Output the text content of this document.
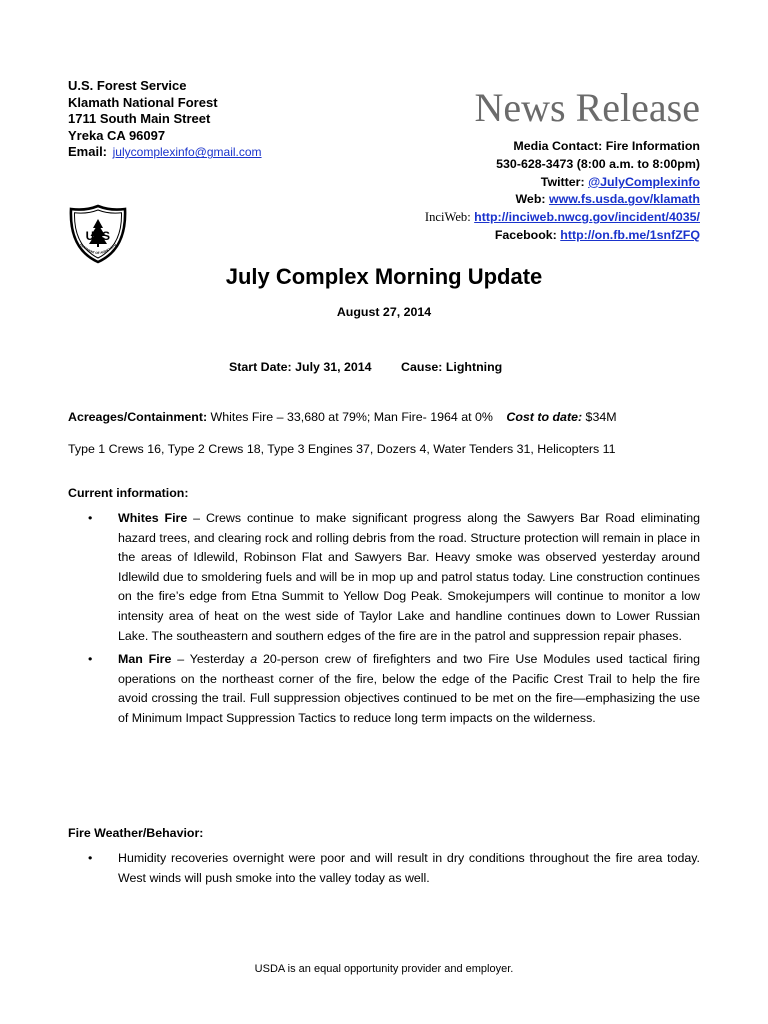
U.S. Forest Service
Klamath National Forest
1711 South Main Street
Yreka CA 96097
Email: julycomplexinfo@gmail.com
U S
PARTMENT OF AGRICULTU
News Release
Media Contact: Fire Information
530-628-3473 (8:00 a.m. to 8:00pm)
Twitter: @JulyComplexinfo
Web: www.fs.usda.gov/klamath
InciWeb: http://inciweb.nwcg.gov/incident/4035/
Facebook: http://on.fb.me/1snfZFQ
July Complex Morning Update
August 27, 2014
Start Date: July 31, 2014 Cause: Lightning
Acreages/Containment: Whites Fire – 33,680 at 79%; Man Fire- 1964 at 0% Cost to date: $34M
Type 1 Crews 16, Type 2 Crews 18, Type 3 Engines 37, Dozers 4, Water Tenders 31, Helicopters 11
Current information:
• Whites Fire – Crews continue to make significant progress along the Sawyers Bar Road eliminating hazard trees, and clearing rock and rolling debris from the road. Structure protection will remain in place in the areas of Idlewild, Robinson Flat and Sawyers Bar. Heavy smoke was observed yesterday around Idlewild due to smoldering fuels and will be in mop up and patrol status today. Line construction continues on the fire’s edge from Etna Summit to Yellow Dog Peak. Smokejumpers will continue to monitor a low intensity area of heat on the west side of Taylor Lake and handline continues down to Lower Russian Lake. The southeastern and southern edges of the fire are in the patrol and suppression repair phases.
• Man Fire – Yesterday a 20-person crew of firefighters and two Fire Use Modules used tactical firing operations on the northeast corner of the fire, below the edge of the Pacific Crest Trail to help the fire avoid crossing the trail. Full suppression objectives continued to be met on the fire—emphasizing the use of Minimum Impact Suppression Tactics to reduce long term impacts on the wilderness.
Fire Weather/Behavior:
• Humidity recoveries overnight were poor and will result in dry conditions throughout the fire area today. West winds will push smoke into the valley today as well.
USDA is an equal opportunity provider and employer.
